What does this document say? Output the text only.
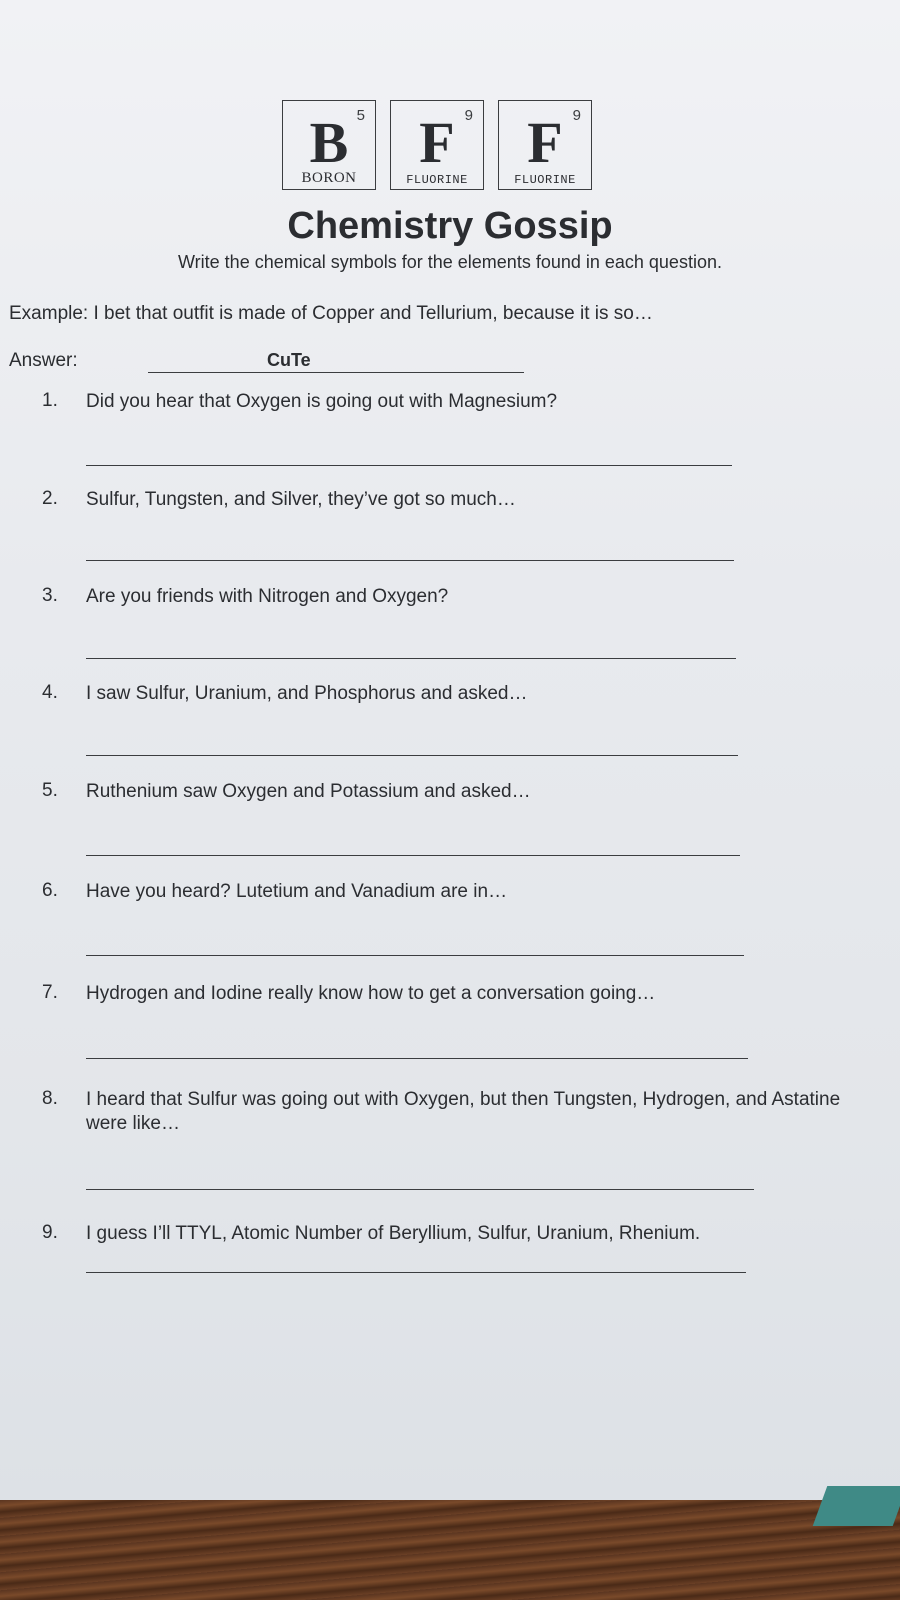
5
B
BORON
9
F
FLUORINE
9
F
FLUORINE
Chemistry Gossip
Write the chemical symbols for the elements found in each question.
Example: I bet that outfit is made of Copper and Tellurium, because it is so…
Answer:	CuTe
1.	Did you hear that Oxygen is going out with Magnesium?
2.	Sulfur, Tungsten, and Silver, they’ve got so much…
3.	Are you friends with Nitrogen and Oxygen?
4.	I saw Sulfur, Uranium, and Phosphorus and asked…
5.	Ruthenium saw Oxygen and Potassium and asked…
6.	Have you heard? Lutetium and Vanadium are in…
7.	Hydrogen and Iodine really know how to get a conversation going…
8.	I heard that Sulfur was going out with Oxygen, but then Tungsten, Hydrogen, and Astatine were like…
9.	I guess I’ll TTYL, Atomic Number of Beryllium, Sulfur, Uranium, Rhenium.
